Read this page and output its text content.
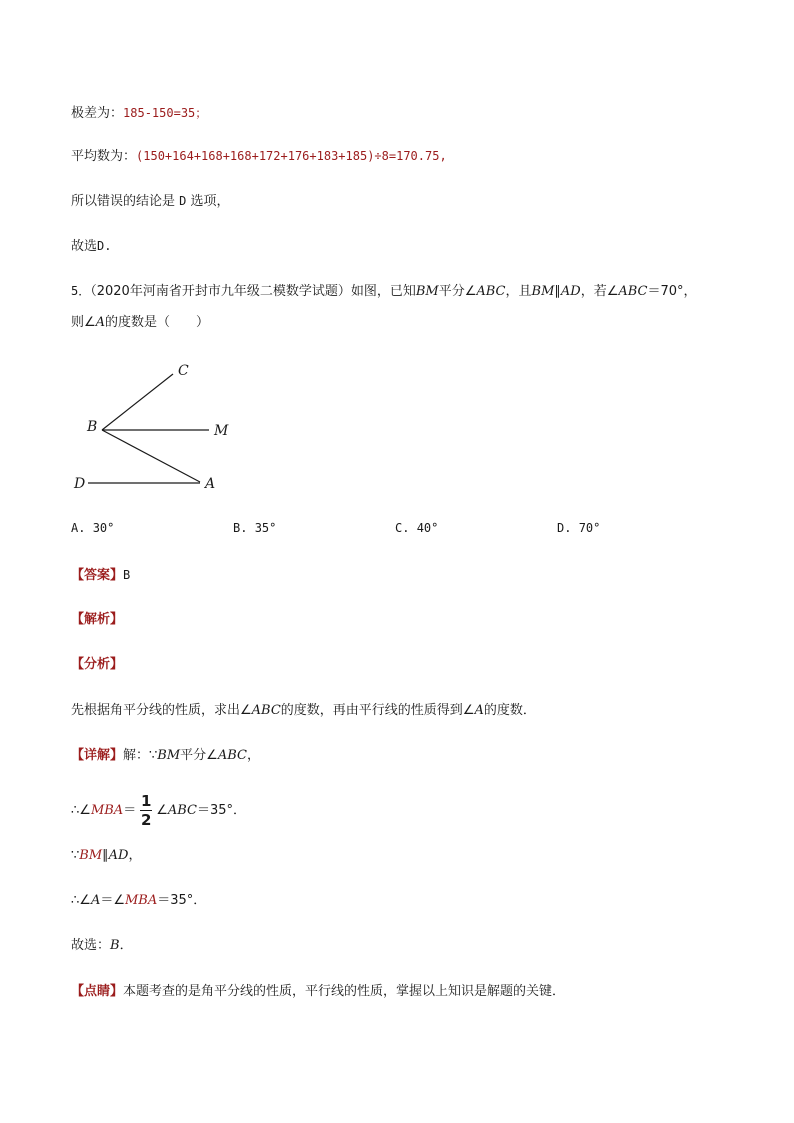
极差为：185-150=35；
平均数为：(150+164+168+168+172+176+183+185)÷8=170.75,
所以错误的结论是 D 选项，
故选D.
5．（2020年河南省开封市九年级二模数学试题）如图，已知BM平分∠ABC，且BM∥AD，若∠ABC＝70°，
则∠A的度数是（　　）
C
B	M
D	A
A. 30°	B. 35°	C. 40°	D. 70°
【答案】B
【解析】
【分析】
先根据角平分线的性质，求出∠ABC的度数，再由平行线的性质得到∠A的度数．
【详解】解：∵BM平分∠ABC，
∴∠MBA＝ $\frac{1}{2}$ ∠ABC＝35°．
∵BM∥AD，
∴∠A＝∠MBA＝35°．
故选：B．
【点睛】本题考查的是角平分线的性质，平行线的性质，掌握以上知识是解题的关键．
